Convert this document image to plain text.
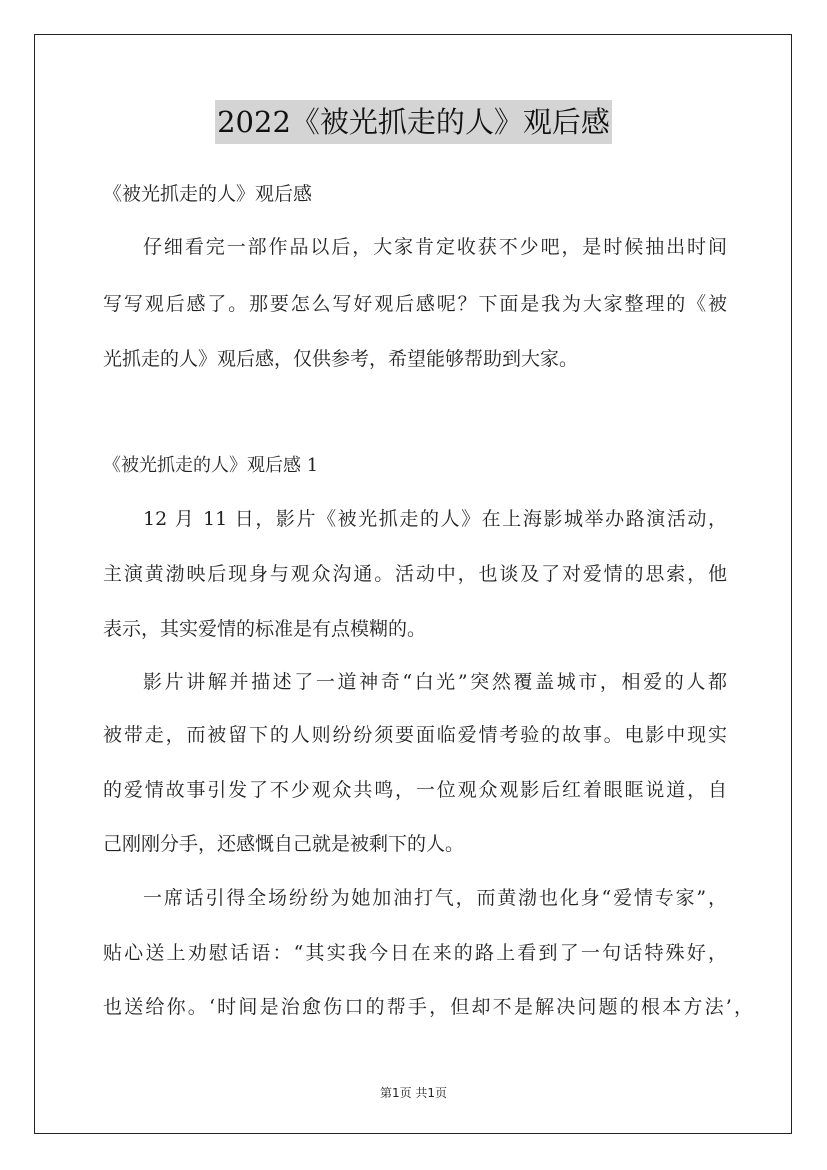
2022《被光抓走的人》观后感
《被光抓走的人》观后感
仔细看完一部作品以后，大家肯定收获不少吧，是时候抽出时间
写写观后感了。那要怎么写好观后感呢？下面是我为大家整理的《被
光抓走的人》观后感，仅供参考，希望能够帮助到大家。
《被光抓走的人》观后感 1
12 月 11 日，影片《被光抓走的人》在上海影城举办路演活动，
主演黄渤映后现身与观众沟通。活动中，也谈及了对爱情的思索，他
表示，其实爱情的标准是有点模糊的。
影片讲解并描述了一道神奇“白光”突然覆盖城市，相爱的人都
被带走，而被留下的人则纷纷须要面临爱情考验的故事。电影中现实
的爱情故事引发了不少观众共鸣，一位观众观影后红着眼眶说道，自
己刚刚分手，还感慨自己就是被剩下的人。
一席话引得全场纷纷为她加油打气，而黄渤也化身“爱情专家”，
贴心送上劝慰话语：“其实我今日在来的路上看到了一句话特殊好，
也送给你。‘时间是治愈伤口的帮手，但却不是解决问题的根本方法’，
第1页 共1页
